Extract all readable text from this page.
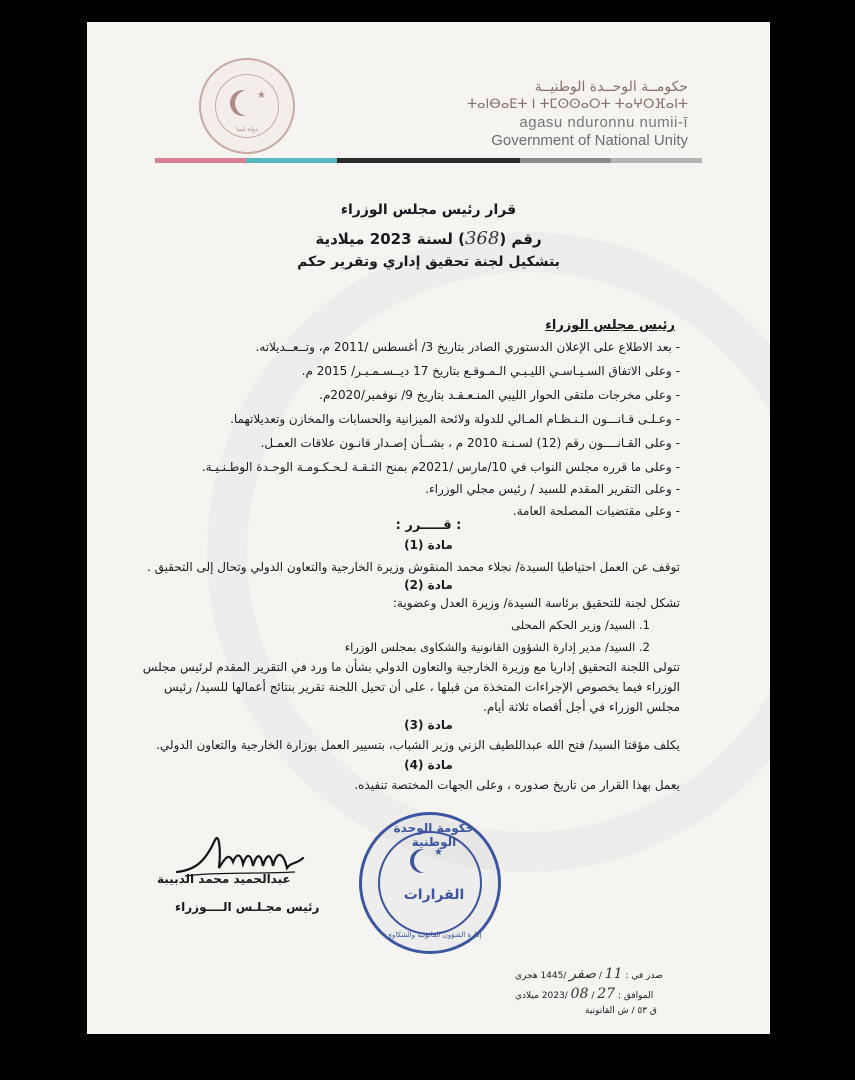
★
دولة ليبيا
حكومــة الوحــدة الوطنيــة
ⵜⴰⵏⴱⴰⴹⵜ ⵏ ⵜⵎⵙⵙⴰⵔⵜ ⵜⴰⵖⵔⴼⴰⵏⵜ
agasu nduronnu numii-ī
Government of National Unity
قرار رئيس مجلس الوزراء
رقم (368) لسنة 2023 ميلادية
بتشكيل لجنة تحقيق إداري وتقرير حكم
رئيس مجلس الوزراء
- بعد الاطلاع على الإعلان الدستوري الصادر بتاريخ 3/ أغسطس /2011 م، وتــعــديلاته.
- وعلى الاتفاق السـيـاسـي الليـبـي الـمـوقـع بتاريخ 17 ديــسـمـبـر/ 2015 م.
- وعلى مخرجات ملتقى الحوار الليبي المنـعـقـد بتاريخ 9/ نوفمبر/2020م.
- وعـلـى قـانـــون الـنـظـام المـالي للدولة ولائحة الميزانية والحسابات والمخازن وتعديلاتهما.
- وعلى القـانــــون رقم (12) لسـنـة 2010 م ، بشــأن إصـدار قانـون علاقات العمـل.
- وعلى ما قرره مجلس النواب في 10/مارس /2021م بمنح الثـقـة لـحـكـومـة الوحـدة الوطـنـيـة.
- وعلى التقرير المقدم للسيد / رئيس مجلي الوزراء.
- وعلى مقتضيات المصلحة العامة.
: قـــــرر :
مادة (1)
توقف عن العمل احتياطيا السيدة/ نجلاء محمد المنقوش وزيرة الخارجية والتعاون الدولي وتحال إلى التحقيق .
مادة (2)
تشكل لجنة للتحقيق برئاسة السيدة/ وزيرة العدل وعضوية:
1. السيد/ وزير الحكم المحلى
2. السيد/ مدير إدارة الشؤون القانونية والشكاوى بمجلس الوزراء
تتولى اللجنة التحقيق إداريا مع وزيرة الخارجية والتعاون الدولي بشأن ما ورد في التقرير المقدم لرئيس مجلس
الوزراء فيما يخصوص الإجراءات المتخذة من قبلها ، على أن تحيل اللجنة تقرير بنتائج أعمالها للسيد/ رئيس
مجلس الوزراء في أجل أقصاه ثلاثة أيام.
مادة (3)
يكلف مؤقتا السيد/ فتح الله عبداللطيف الزني وزير الشباب، بتسيير العمل بوزارة الخارجية والتعاون الدولي.
مادة (4)
يعمل بهذا القرار من تاريخ صدوره ، وعلى الجهات المختصة تنفيذه.
عبدالحميد محمد الدبيبة
رئيس مجـلـس الــــوزراء
★
حكومة الوحدة الوطنية
القرارات
إدارة الشؤون القانونية والشكاوى
صدر في : 11 / صفر /1445 هجري
الموافق : 27 / 08 /2023 ميلادي
ق ٥٣ / ش القانونية
